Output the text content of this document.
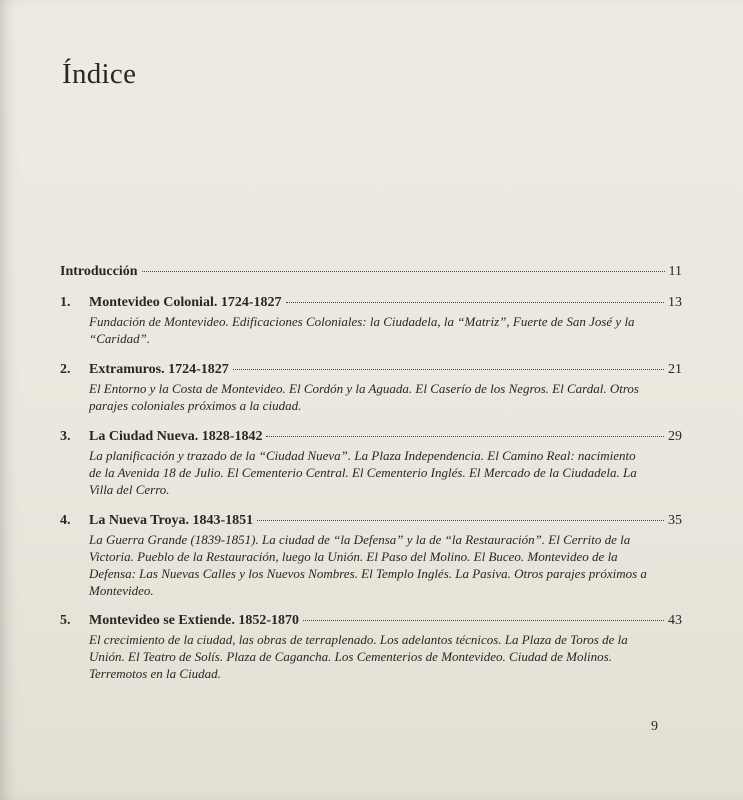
Índice
Introducción	11
1.	Montevideo Colonial. 1724-1827	13

Fundación de Montevideo. Edificaciones Coloniales: la Ciudadela, la “Matriz”, Fuerte de San José y la “Caridad”.

2.	Extramuros. 1724-1827	21

El Entorno y la Costa de Montevideo. El Cordón y la Aguada. El Caserío de los Negros. El Cardal. Otros parajes coloniales próximos a la ciudad.

3.	La Ciudad Nueva. 1828-1842	29

La planificación y trazado de la “Ciudad Nueva”. La Plaza Independencia. El Camino Real: nacimiento de la Avenida 18 de Julio. El Cementerio Central. El Cementerio Inglés. El Mercado de la Ciudadela. La Villa del Cerro.

4.	La Nueva Troya. 1843-1851	35

La Guerra Grande (1839-1851). La ciudad de “la Defensa” y la de “la Restauración”. El Cerrito de la Victoria. Pueblo de la Restauración, luego la Unión. El Paso del Molino. El Buceo. Montevideo de la Defensa: Las Nuevas Calles y los Nuevos Nombres. El Templo Inglés. La Pasiva. Otros parajes próximos a Montevideo.

5.	Montevideo se Extiende. 1852-1870	43

El crecimiento de la ciudad, las obras de terraplenado. Los adelantos técnicos. La Plaza de Toros de la Unión. El Teatro de Solís. Plaza de Cagancha. Los Cementerios de Montevideo. Ciudad de Molinos. Terremotos en la Ciudad.

9
